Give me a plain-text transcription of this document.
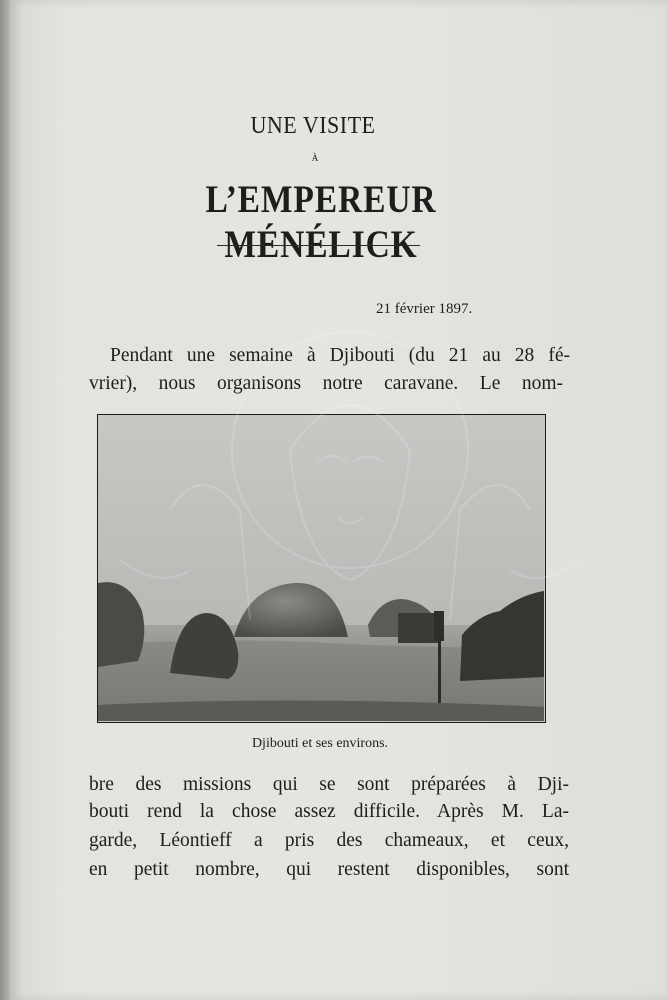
UNE VISITE
À
L’EMPEREUR MÉNÉLICK
21 février 1897.
Pendant une semaine à Djibouti (du 21 au 28 fé-
vrier), nous organisons notre caravane. Le nom-
Djibouti et ses environs.
bre des missions qui se sont préparées à Dji-
bouti rend la chose assez difficile. Après M. La-
garde, Léontieff a pris des chameaux, et ceux,
en petit nombre, qui restent disponibles, sont
